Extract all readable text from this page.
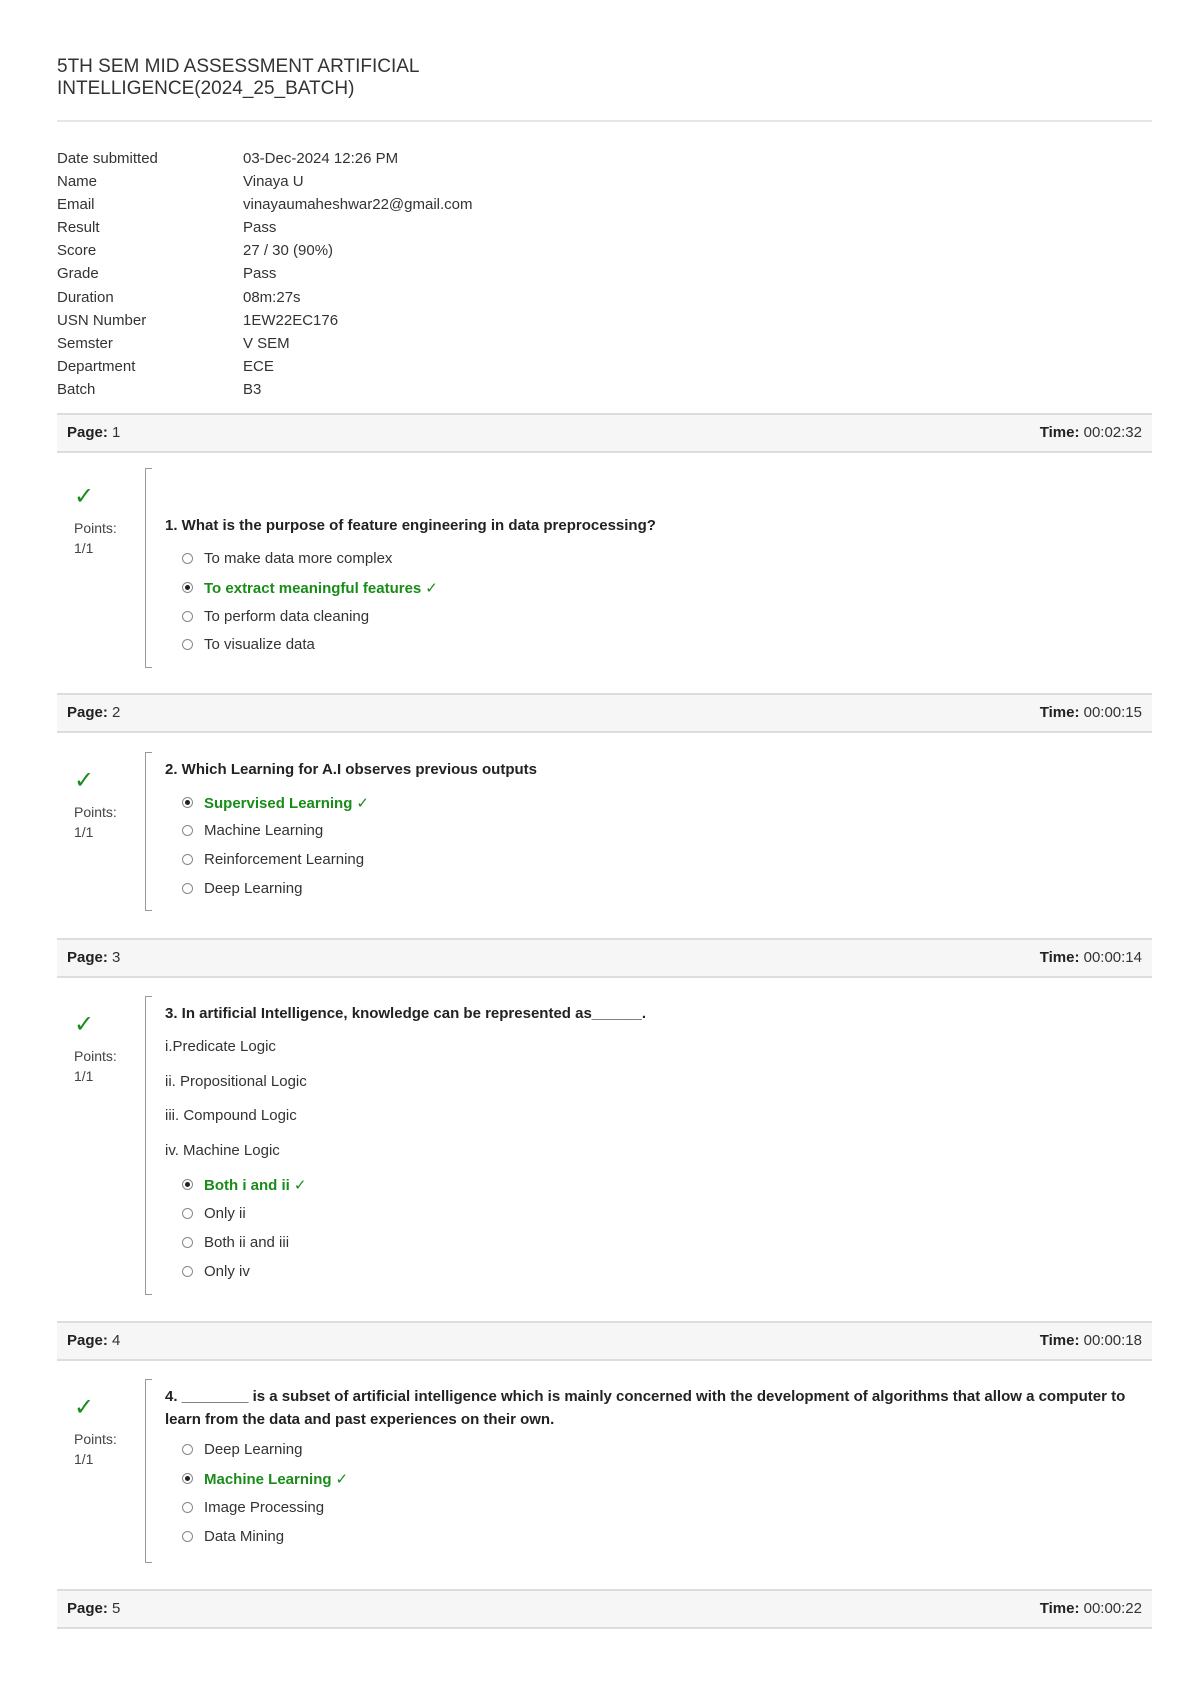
5TH SEM MID ASSESSMENT ARTIFICIAL INTELLIGENCE(2024_25_BATCH)
Date submitted	03-Dec-2024 12:26 PM
Name	Vinaya U
Email	vinayaumaheshwar22@gmail.com
Result	Pass
Score	27 / 30 (90%)
Grade	Pass
Duration	08m:27s
USN Number	1EW22EC176
Semster	V SEM
Department	ECE
Batch	B3
Page: 1	Time: 00:02:32
Page: 2	Time: 00:00:15
Page: 3	Time: 00:00:14
Page: 4	Time: 00:00:18
Page: 5	Time: 00:00:22
✓
Points:
1/1
1. What is the purpose of feature engineering in data preprocessing?
To make data more complex
To extract meaningful features ✓
To perform data cleaning
To visualize data
✓
Points:
1/1
2. Which Learning for A.I observes previous outputs
Supervised Learning ✓
Machine Learning
Reinforcement Learning
Deep Learning
✓
Points:
1/1
3. In artificial Intelligence, knowledge can be represented as______.
i.Predicate Logic
ii. Propositional Logic
iii. Compound Logic
iv. Machine Logic
Both i and ii ✓
Only ii
Both ii and iii
Only iv
✓
Points:
1/1
4. ________ is a subset of artificial intelligence which is mainly concerned with the development of algorithms that allow a computer to learn from the data and past experiences on their own.
Deep Learning
Machine Learning ✓
Image Processing
Data Mining
